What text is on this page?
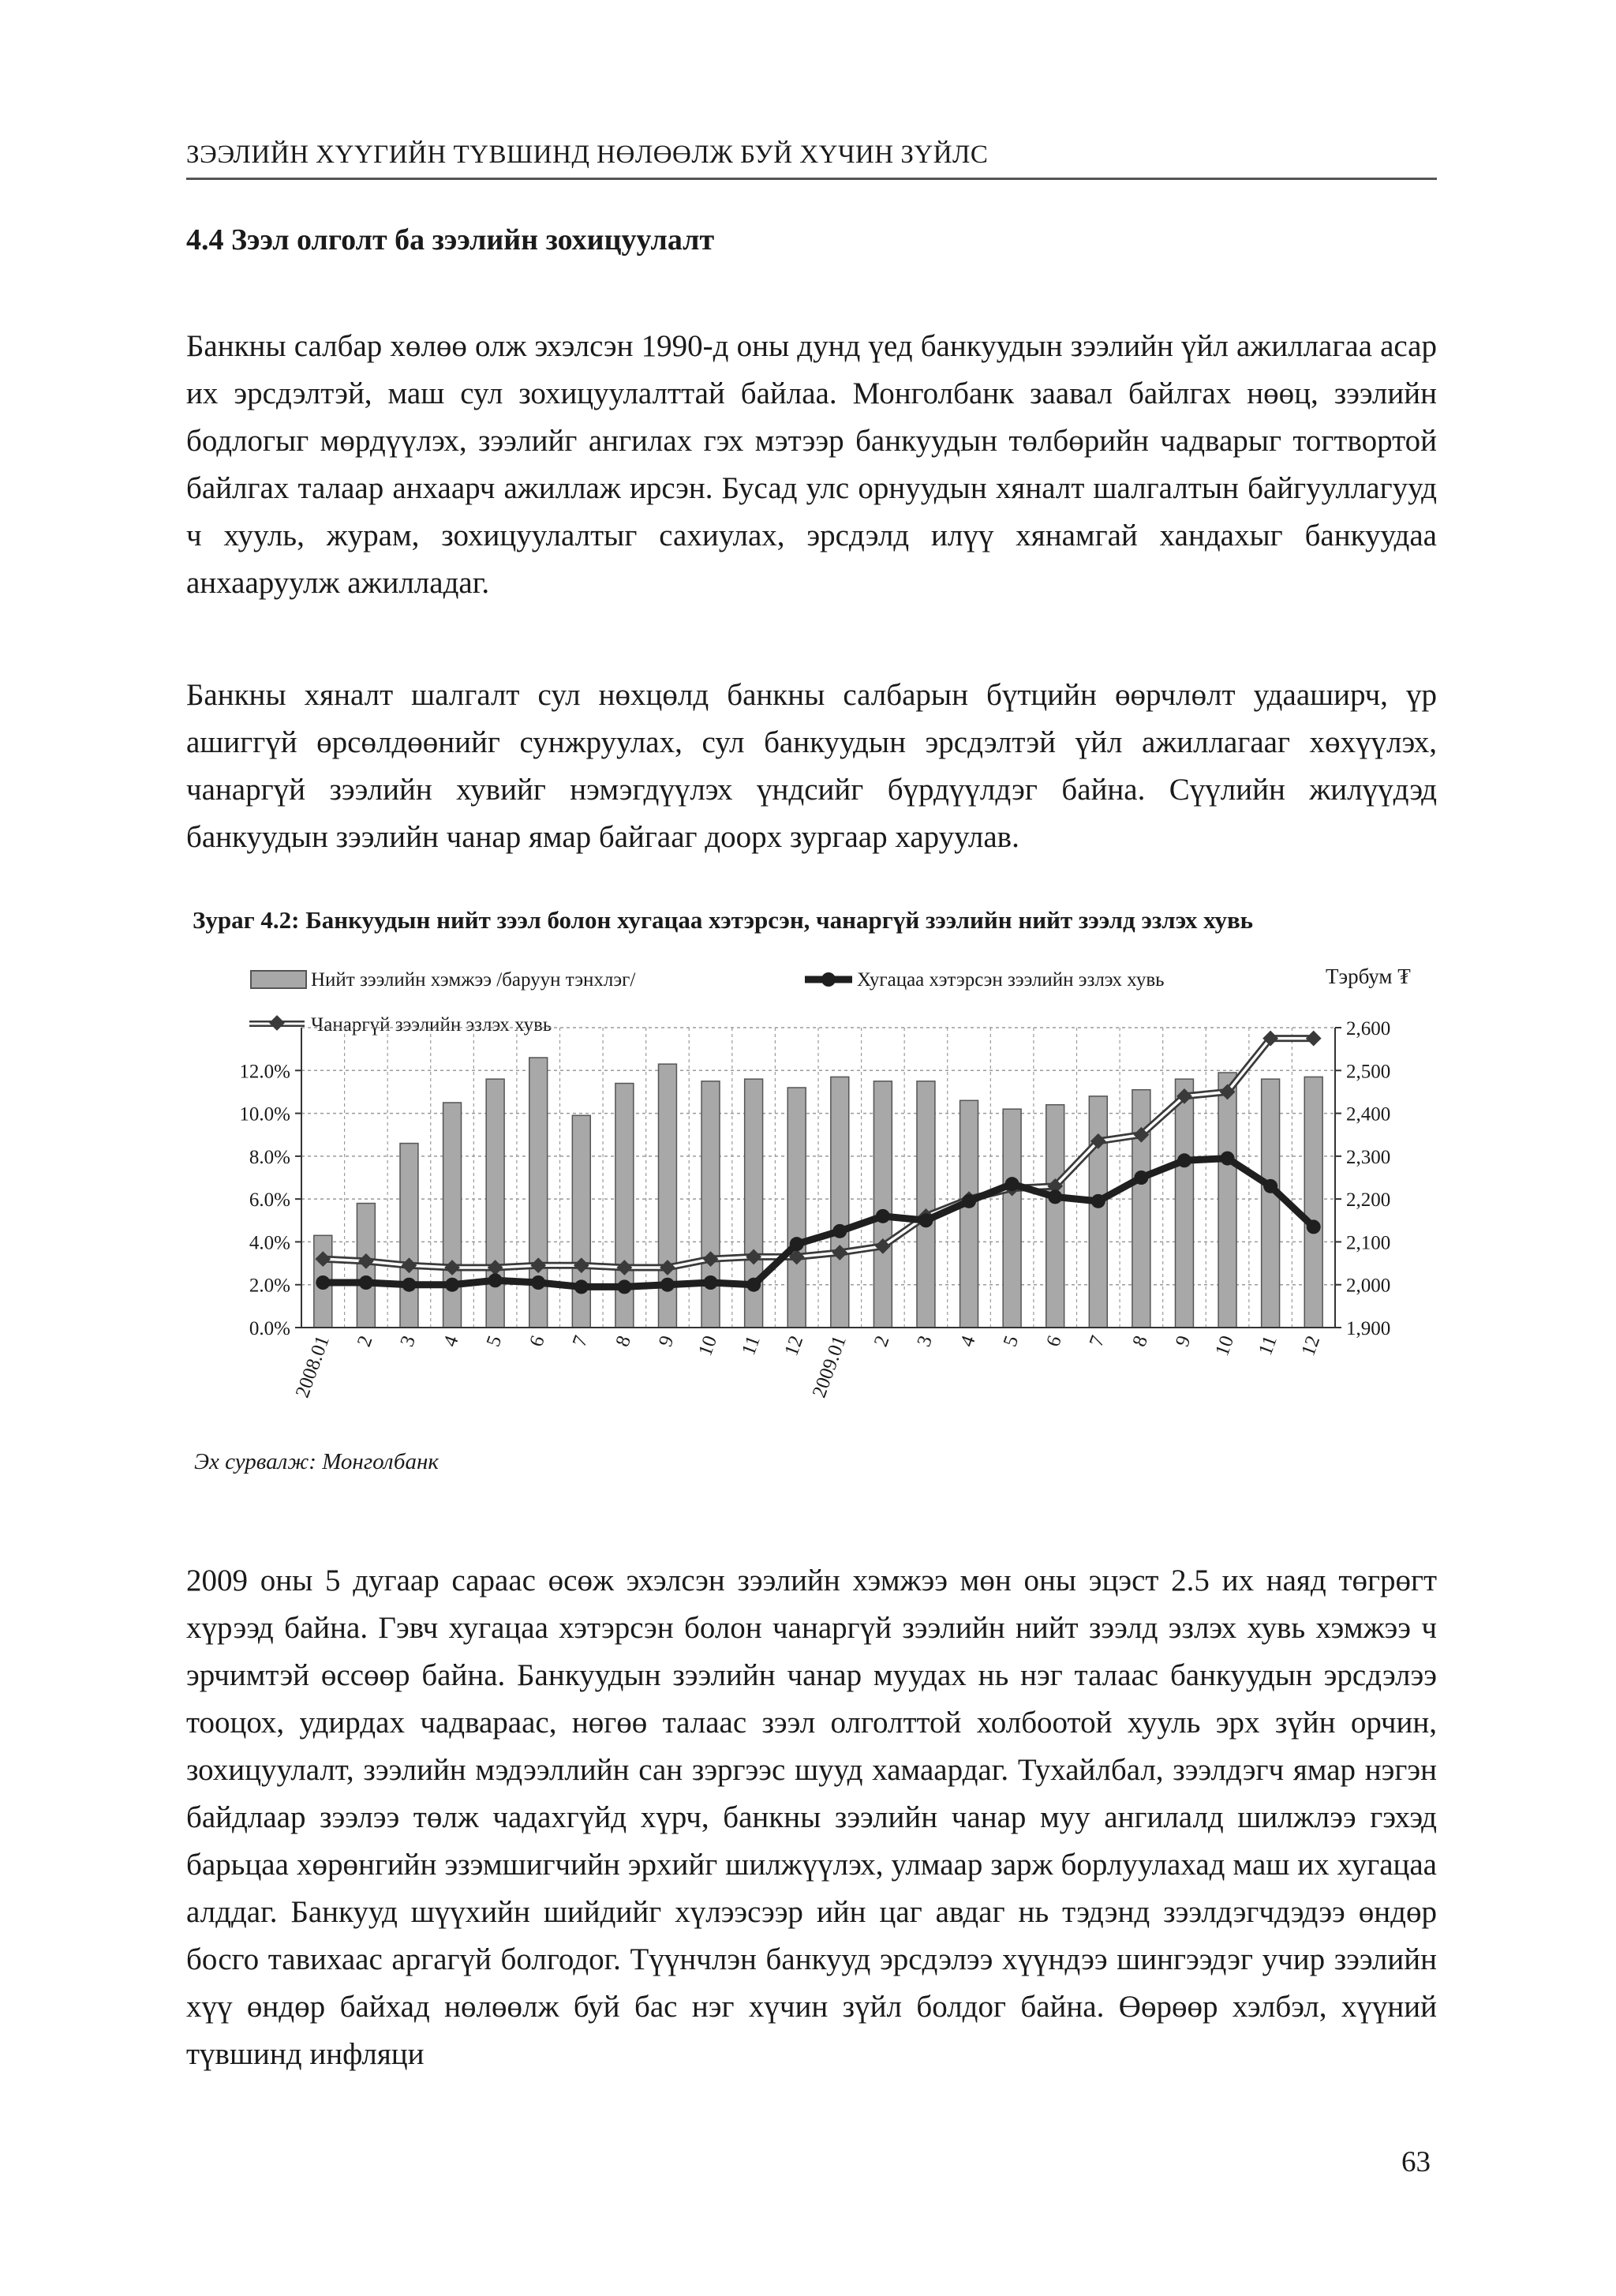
ЗЭЭЛИЙН ХҮҮГИЙН ТҮВШИНД НӨЛӨӨЛЖ БУЙ ХҮЧИН ЗҮЙЛС
4.4 Зээл олголт ба зээлийн зохицуулалт

Банкны салбар хөлөө олж эхэлсэн 1990-д оны дунд үед банкуудын зээлийн үйл ажиллагаа асар их эрсдэлтэй, маш сул зохицуулалттай байлаа. Монголбанк заавал байлгах нөөц, зээлийн бодлогыг мөрдүүлэх, зээлийг ангилах гэх мэтээр банкуудын төлбөрийн чадварыг тогтвортой байлгах талаар анхаарч ажиллаж ирсэн. Бусад улс орнуудын хяналт шалгалтын байгууллагууд ч хууль, журам, зохицуулалтыг сахиулах, эрсдэлд илүү хянамгай хандахыг банкуудаа анхааруулж ажилладаг.

Банкны хяналт шалгалт сул нөхцөлд банкны салбарын бүтцийн өөрчлөлт удааширч, үр ашиггүй өрсөлдөөнийг сунжруулах, сул банкуудын эрсдэлтэй үйл ажиллагааг хөхүүлэх, чанаргүй зээлийн хувийг нэмэгдүүлэх үндсийг бүрдүүлдэг байна. Сүүлийн жилүүдэд банкуудын зээлийн чанар ямар байгааг доорх зургаар харуулав.

Зураг 4.2: Банкуудын нийт зээл болон хугацаа хэтэрсэн, чанаргүй зээлийн нийт зээлд эзлэх хувь
Нийт зээлийн хэмжээ /баруун тэнхлэг/	Хугацаа хэтэрсэн зээлийн эзлэх хувь
Чанаргүй зээлийн эзлэх хувь
Тэрбум ₮
0.0%
2.0%
4.0%
6.0%
8.0%
10.0%
12.0%
1,900
2,000
2,100
2,200
2,300
2,400
2,500
2,600
2008.01 2 3 4 5 6 7 8 9 10 11 12 2009.01 2 3 4 5 6 7 8 9 10 11 12
Эх сурвалж: Монголбанк

2009 оны 5 дугаар сараас өсөж эхэлсэн зээлийн хэмжээ мөн оны эцэст 2.5 их наяд төгрөгт хүрээд байна. Гэвч хугацаа хэтэрсэн болон чанаргүй зээлийн нийт зээлд эзлэх хувь хэмжээ ч эрчимтэй өссөөр байна. Банкуудын зээлийн чанар муудах нь нэг талаас банкуудын эрсдэлээ тооцох, удирдах чадвараас, нөгөө талаас зээл олголттой холбоотой хууль эрх зүйн орчин, зохицуулалт, зээлийн мэдээллийн сан зэргээс шууд хамаардаг. Тухайлбал, зээлдэгч ямар нэгэн байдлаар зээлээ төлж чадахгүйд хүрч, банкны зээлийн чанар муу ангилалд шилжлээ гэхэд барьцаа хөрөнгийн эзэмшигчийн эрхийг шилжүүлэх, улмаар зарж борлуулахад маш их хугацаа алддаг. Банкууд шүүхийн шийдийг хүлээсээр ийн цаг авдаг нь тэдэнд зээлдэгчдэдээ өндөр босго тавихаас аргагүй болгодог. Түүнчлэн банкууд эрсдэлээ хүүндээ шингээдэг учир зээлийн хүү өндөр байхад нөлөөлж буй бас нэг хүчин зүйл болдог байна. Өөрөөр хэлбэл, хүүний түвшинд инфляци

63
